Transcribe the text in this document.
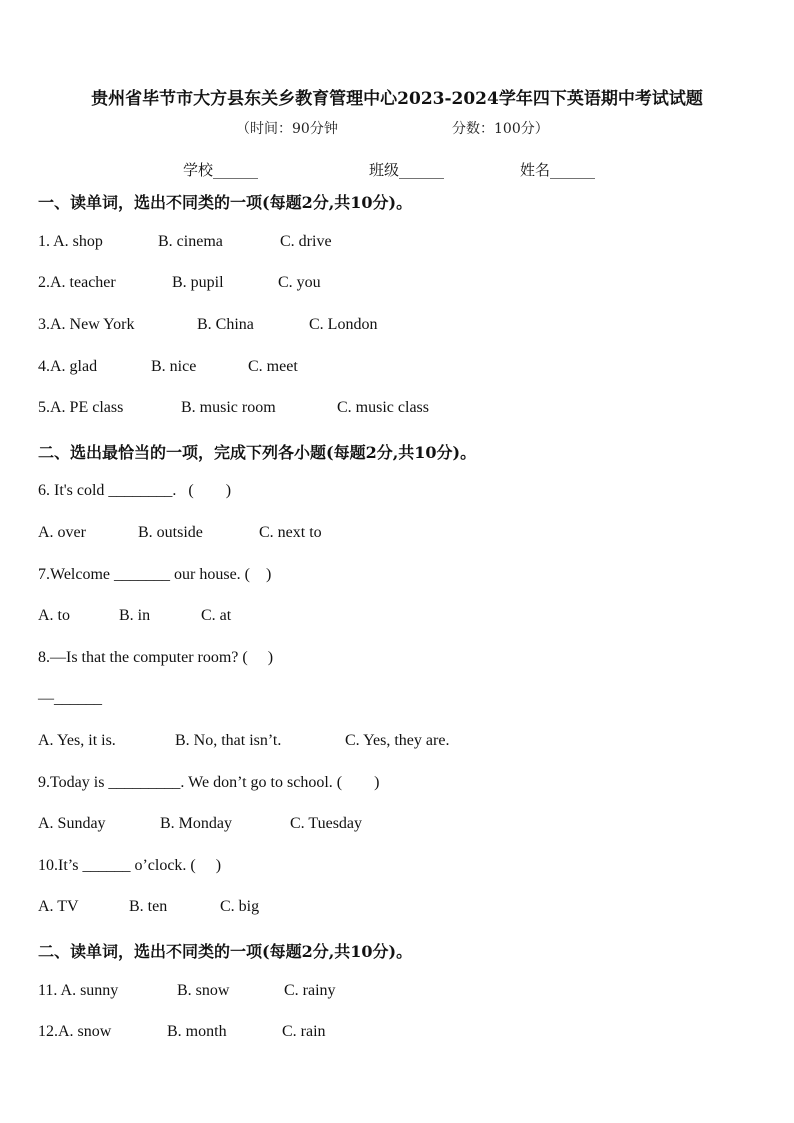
贵州省毕节市大方县东关乡教育管理中心2023-2024学年四下英语期中考试试题
（时间：90分钟	分数：100分）
学校______	班级______	姓名______
一、读单词，选出不同类的一项(每题2分,共10分)。
1. A. shop	B. cinema	C. drive
2.A. teacher	B. pupil	C. you
3.A. New York	B. China	C. London
4.A. glad	B. nice	C. meet
5.A. PE class	B. music room	C. music class
二、选出最恰当的一项，完成下列各小题(每题2分,共10分)。
6. It's cold ________.   (        )
A. over	B. outside	C. next to
7.Welcome _______ our house. (    )
A. to	B. in	C. at
8.—Is that the computer room? (     )
—______
A. Yes, it is.	B. No, that isn’t.	C. Yes, they are.
9.Today is _________. We don’t go to school. (        )
A. Sunday	B. Monday	C. Tuesday
10.It’s ______ o’clock. (     )
A. TV	B. ten	C. big
二、读单词，选出不同类的一项(每题2分,共10分)。
11. A. sunny	B. snow	C. rainy
12.A. snow	B. month	C. rain
